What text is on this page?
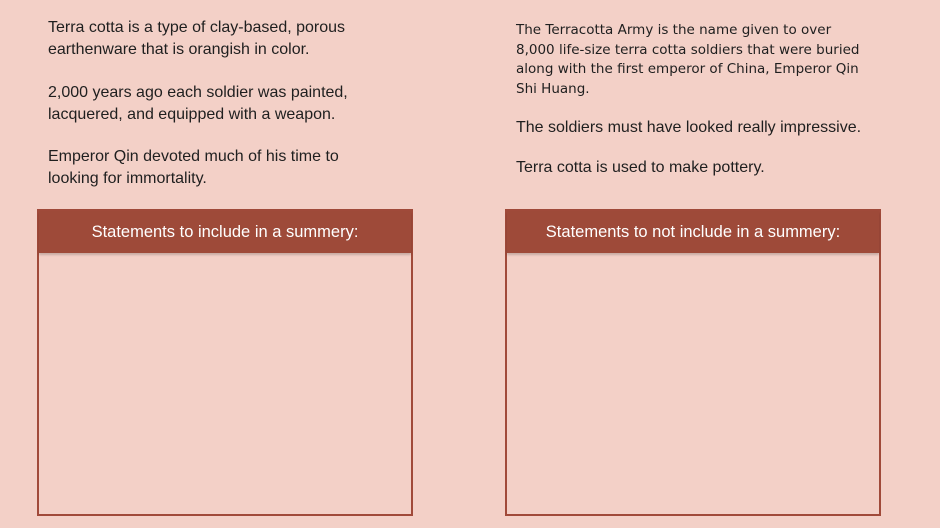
Terra cotta is a type of clay-based, porous earthenware that is orangish in color.

2,000 years ago each soldier was painted, lacquered, and equipped with a weapon.

Emperor Qin devoted much of his time to looking for immortality.

The Terracotta Army is the name given to over 8,000 life-size terra cotta soldiers that were buried along with the first emperor of China, Emperor Qin Shi Huang.

The soldiers must have looked really impressive.

Terra cotta is used to make pottery.

Statements to include in a summery:	Statements to not include in a summery:
